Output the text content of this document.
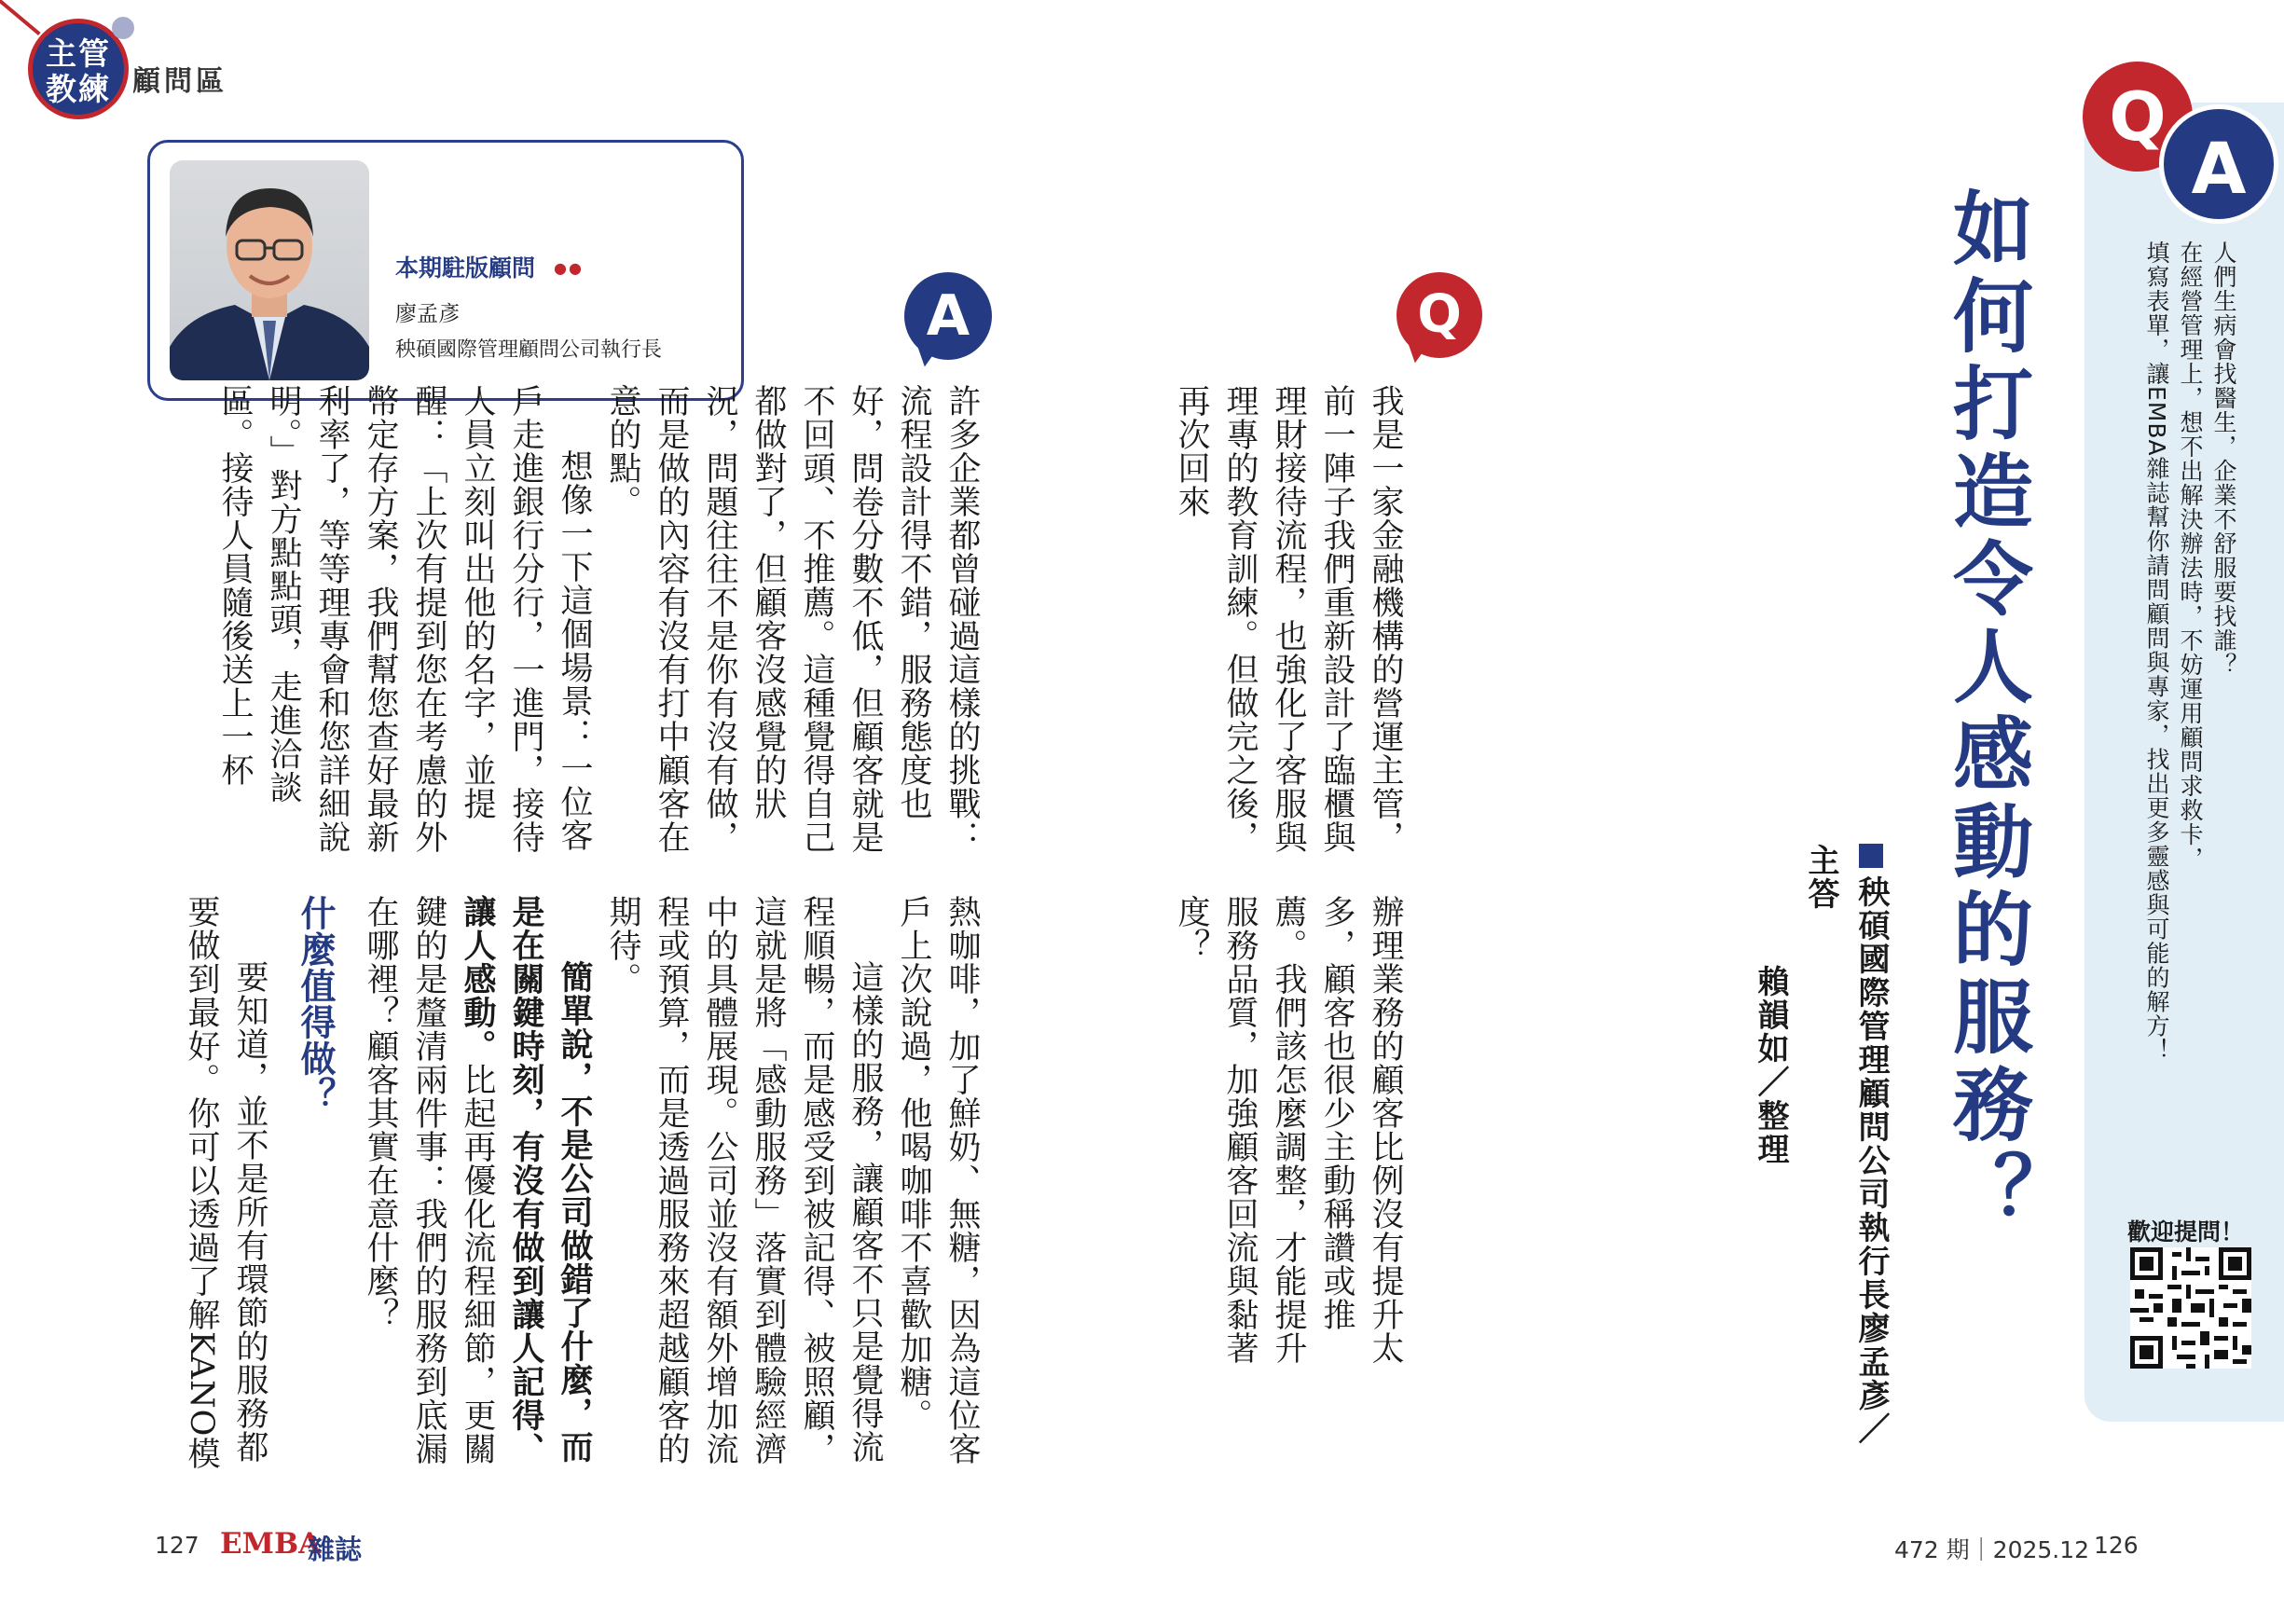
主管
教練 顧問區
本期駐版顧問 ●●
廖孟彥
秧碩國際管理顧問公司執行長
A

許多企業都曾碰過這樣的挑戰：流程設計得不錯，服務態度也好，問卷分數不低，但顧客就是不回頭、不推薦。這種覺得自己都做對了，但顧客沒感覺的狀況，問題往往不是你有沒有做，而是做的內容有沒有打中顧客在意的點。

想像一下這個場景：一位客戶走進銀行分行，一進門，接待人員立刻叫出他的名字，並提醒：「上次有提到您在考慮的外幣定存方案，我們幫您查好最新利率了，等等理專會和您詳細說明。」對方點點頭，走進洽談區。接待人員隨後送上一杯

熱咖啡，加了鮮奶、無糖，因為這位客戶上次說過，他喝咖啡不喜歡加糖。

這樣的服務，讓顧客不只是覺得流程順暢，而是感受到被記得、被照顧，這就是將「感動服務」落實到體驗經濟中的具體展現。公司並沒有額外增加流程或預算，而是透過服務來超越顧客的期待。

簡單說，不是公司做錯了什麼，而是在關鍵時刻，有沒有做到讓人記得、讓人感動。比起再優化流程細節，更關鍵的是釐清兩件事：我們的服務到底漏在哪裡？顧客其實在意什麼？

什麼值得做？

要知道，並不是所有環節的服務都要做到最好。你可以透過了解KANO模

Q

我是一家金融機構的營運主管，前一陣子我們重新設計了臨櫃與理財接待流程，也強化了客服與理專的教育訓練。但做完之後，再次回來

辦理業務的顧客比例沒有提升太多，顧客也很少主動稱讚或推薦。我們該怎麼調整，才能提升服務品質，加強顧客回流與黏著度？	如何打造令人感動的服務？
秧碩國際管理顧問公司執行長廖孟彥／主答
賴韻如／整理

人們生病會找醫生，企業不舒服要找誰？

在經營管理上，想不出解決辦法時，不妨運用顧問求救卡，

填寫表單，讓EMBA雜誌幫你請問顧問與專家，找出更多靈感與可能的解方！

Q
A
歡迎提問！
127 EMBA
雜誌	472 期｜2025.12 126
